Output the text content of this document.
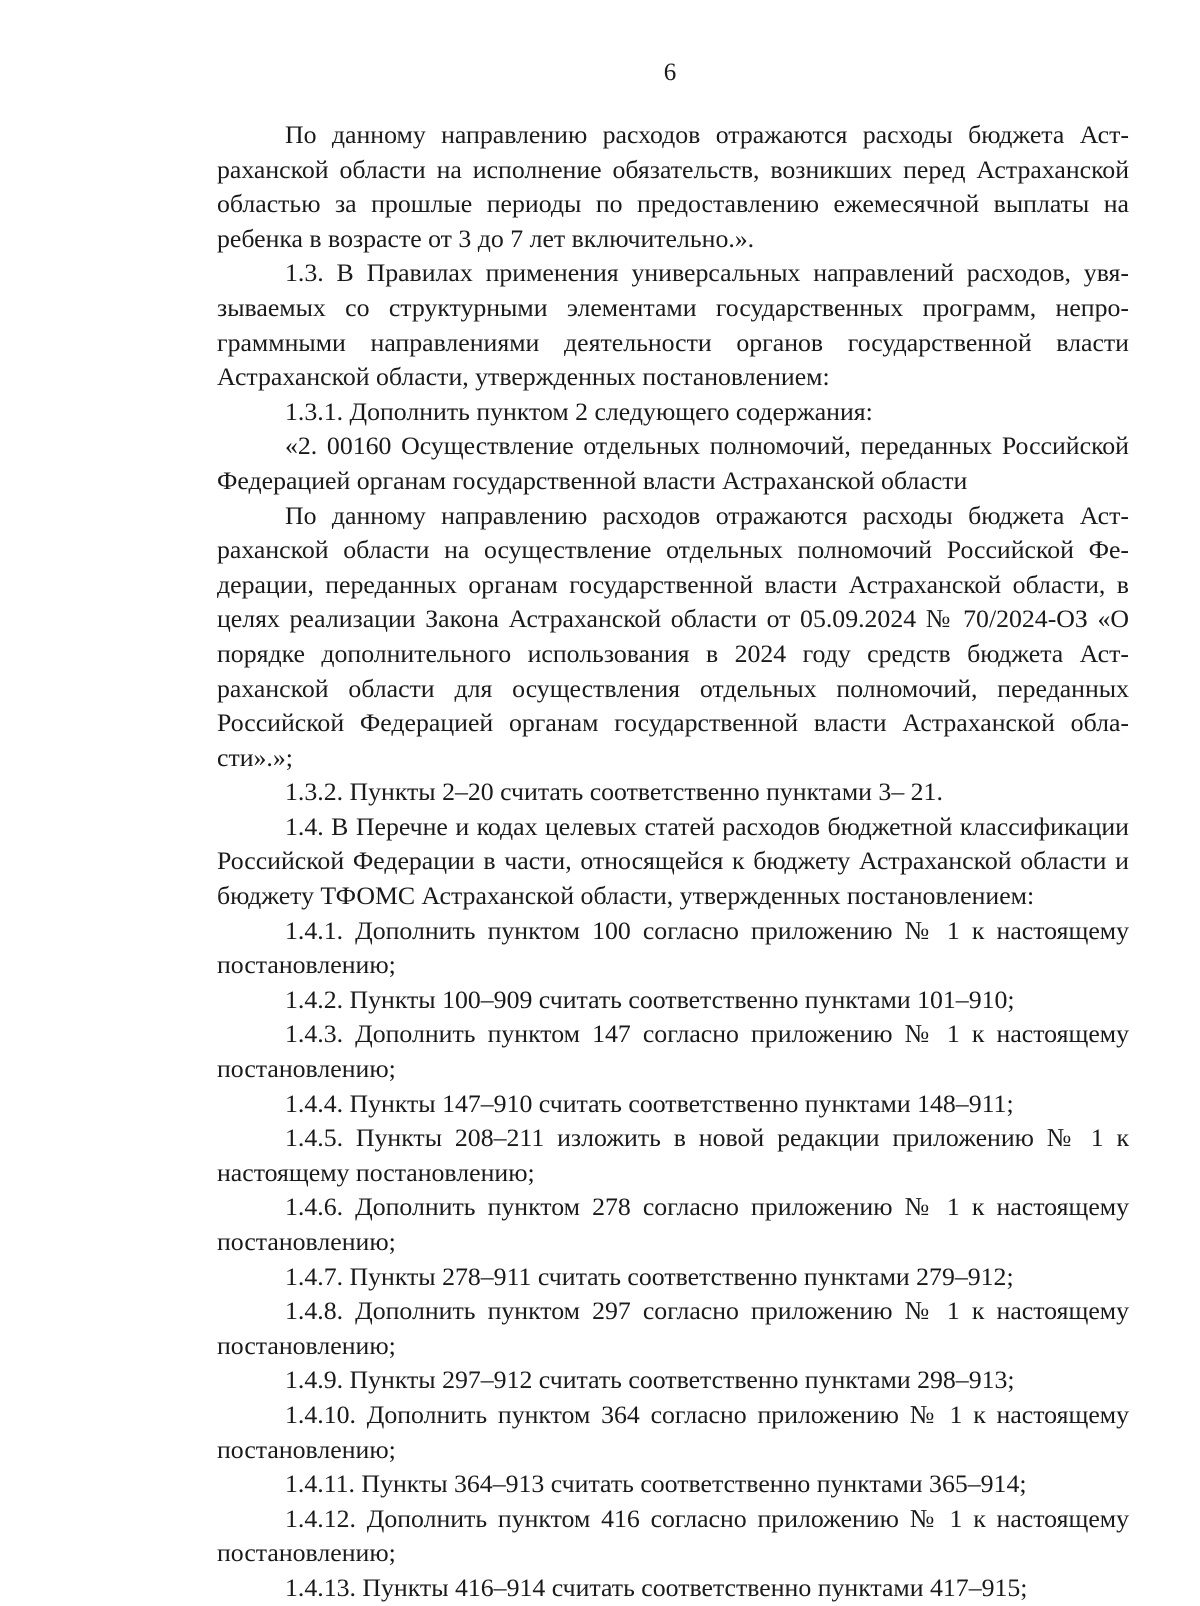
6

По данному направлению расходов отражаются расходы бюджета Астраханской области на исполнение обязательств, возникших перед Астраханской областью за прошлые периоды по предоставлению ежемесячной выплаты на ребенка в возрасте от 3 до 7 лет включительно.».

1.3. В Правилах применения универсальных направлений расходов, увязываемых со структурными элементами государственных программ, непрограммными направлениями деятельности органов государственной власти Астраханской области, утвержденных постановлением:

1.3.1. Дополнить пунктом 2 следующего содержания:

«2. 00160 Осуществление отдельных полномочий, переданных Российской Федерацией органам государственной власти Астраханской области

По данному направлению расходов отражаются расходы бюджета Астраханской области на осуществление отдельных полномочий Российской Федерации, переданных органам государственной власти Астраханской области, в целях реализации Закона Астраханской области от 05.09.2024 № 70/2024-ОЗ «О порядке дополнительного использования в 2024 году средств бюджета Астраханской области для осуществления отдельных полномочий, переданных Российской Федерацией органам государственной власти Астраханской области».»;

1.3.2. Пункты 2–20 считать соответственно пунктами 3– 21.

1.4. В Перечне и кодах целевых статей расходов бюджетной классификации Российской Федерации в части, относящейся к бюджету Астраханской области и бюджету ТФОМС Астраханской области, утвержденных постановлением:

1.4.1. Дополнить пунктом 100 согласно приложению № 1 к настоящему постановлению;

1.4.2. Пункты 100–909 считать соответственно пунктами 101–910;

1.4.3. Дополнить пунктом 147 согласно приложению № 1 к настоящему постановлению;

1.4.4. Пункты 147–910 считать соответственно пунктами 148–911;

1.4.5. Пункты 208–211 изложить в новой редакции приложению № 1 к настоящему постановлению;

1.4.6. Дополнить пунктом 278 согласно приложению № 1 к настоящему постановлению;

1.4.7. Пункты 278–911 считать соответственно пунктами 279–912;

1.4.8. Дополнить пунктом 297 согласно приложению № 1 к настоящему постановлению;

1.4.9. Пункты 297–912 считать соответственно пунктами 298–913;

1.4.10. Дополнить пунктом 364 согласно приложению № 1 к настоящему постановлению;

1.4.11. Пункты 364–913 считать соответственно пунктами 365–914;

1.4.12. Дополнить пунктом 416 согласно приложению № 1 к настоящему постановлению;

1.4.13. Пункты 416–914 считать соответственно пунктами 417–915;
